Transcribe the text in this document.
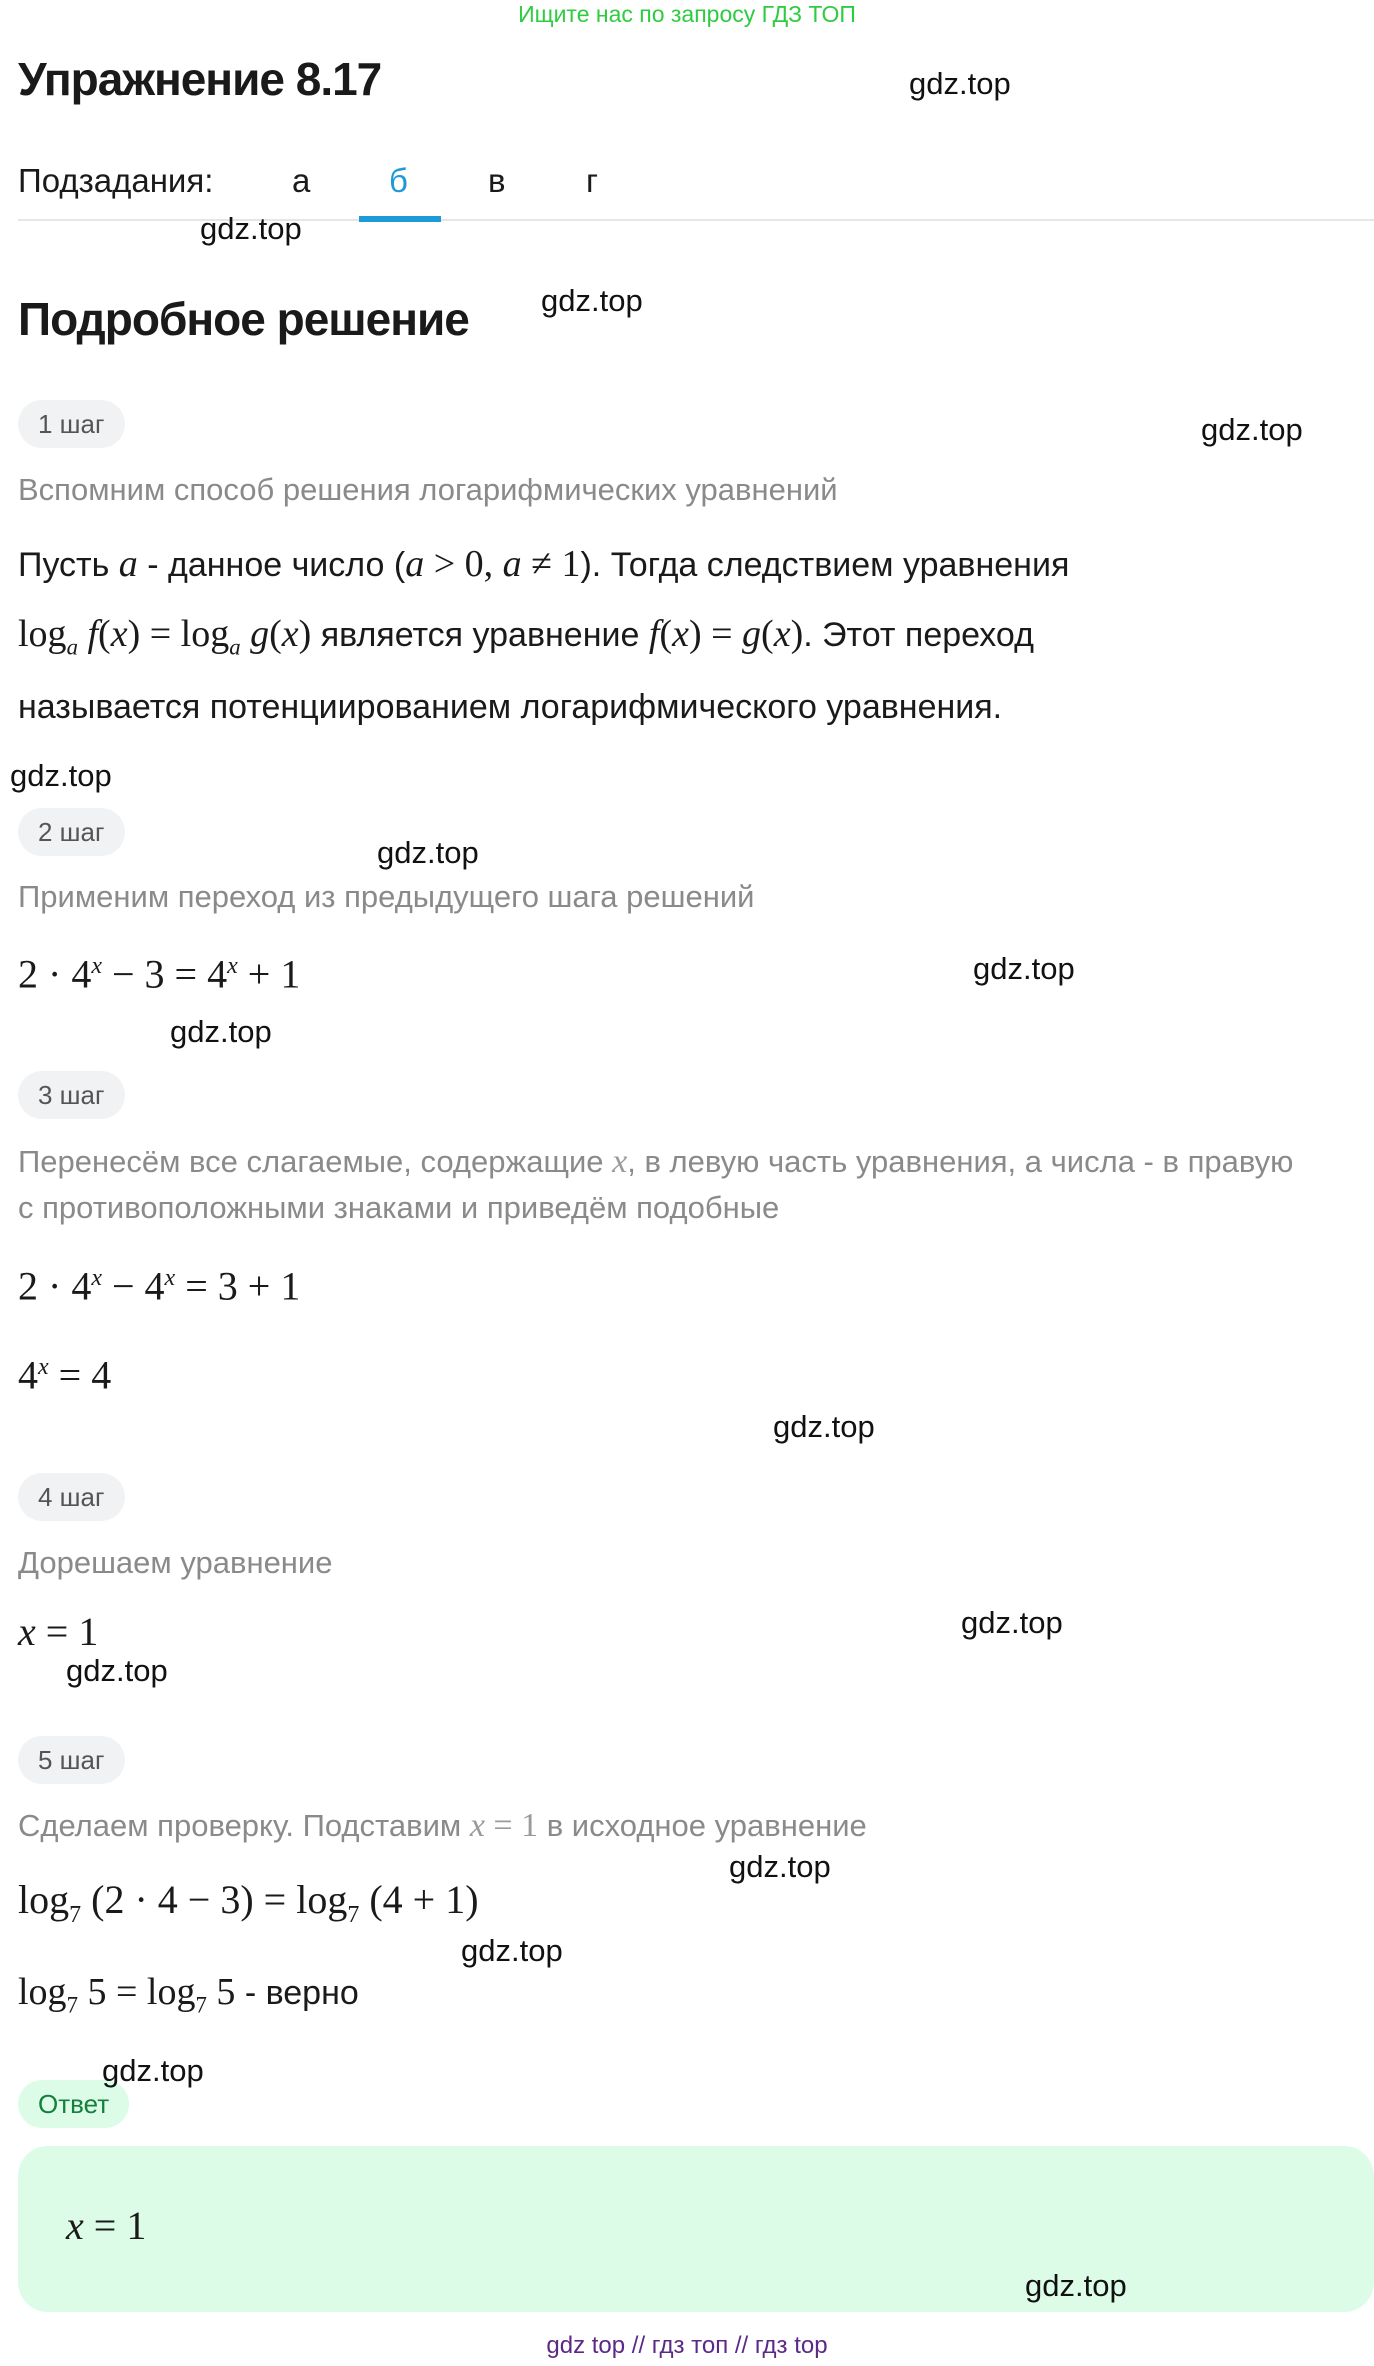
Ищите нас по запросу ГДЗ ТОП
Упражнение 8.17
Подзадания: а б в г
Подробное решение
1 шаг
Вспомним способ решения логарифмических уравнений
Пусть a - данное число (a > 0, a ≠ 1). Тогда следствием уравнения
$\log_a f(x) = \log_a g(x)$ является уравнение f(x) = g(x). Этот переход
называется потенциированием логарифмического уравнения.
2 шаг
Применим переход из предыдущего шага решений
$2 \cdot 4^x - 3 = 4^x + 1$
3 шаг
Перенесём все слагаемые, содержащие x, в левую часть уравнения, а числа - в правую
с противоположными знаками и приведём подобные
$2 \cdot 4^x - 4^x = 3 + 1$
$4^x = 4$
4 шаг
Дорешаем уравнение
x = 1
5 шаг
Сделаем проверку. Подставим x = 1 в исходное уравнение
$\log_7 (2 \cdot 4 - 3) = \log_7 (4 + 1)$
$\log_7 5 = \log_7 5$ - верно
Ответ
x = 1
gdz.top
gdz.top
gdz.top
gdz.top
gdz.top
gdz.top
gdz.top
gdz.top
gdz.top
gdz.top
gdz.top
gdz.top
gdz.top
gdz.top
gdz.top
gdz top // гдз топ // гдз top
